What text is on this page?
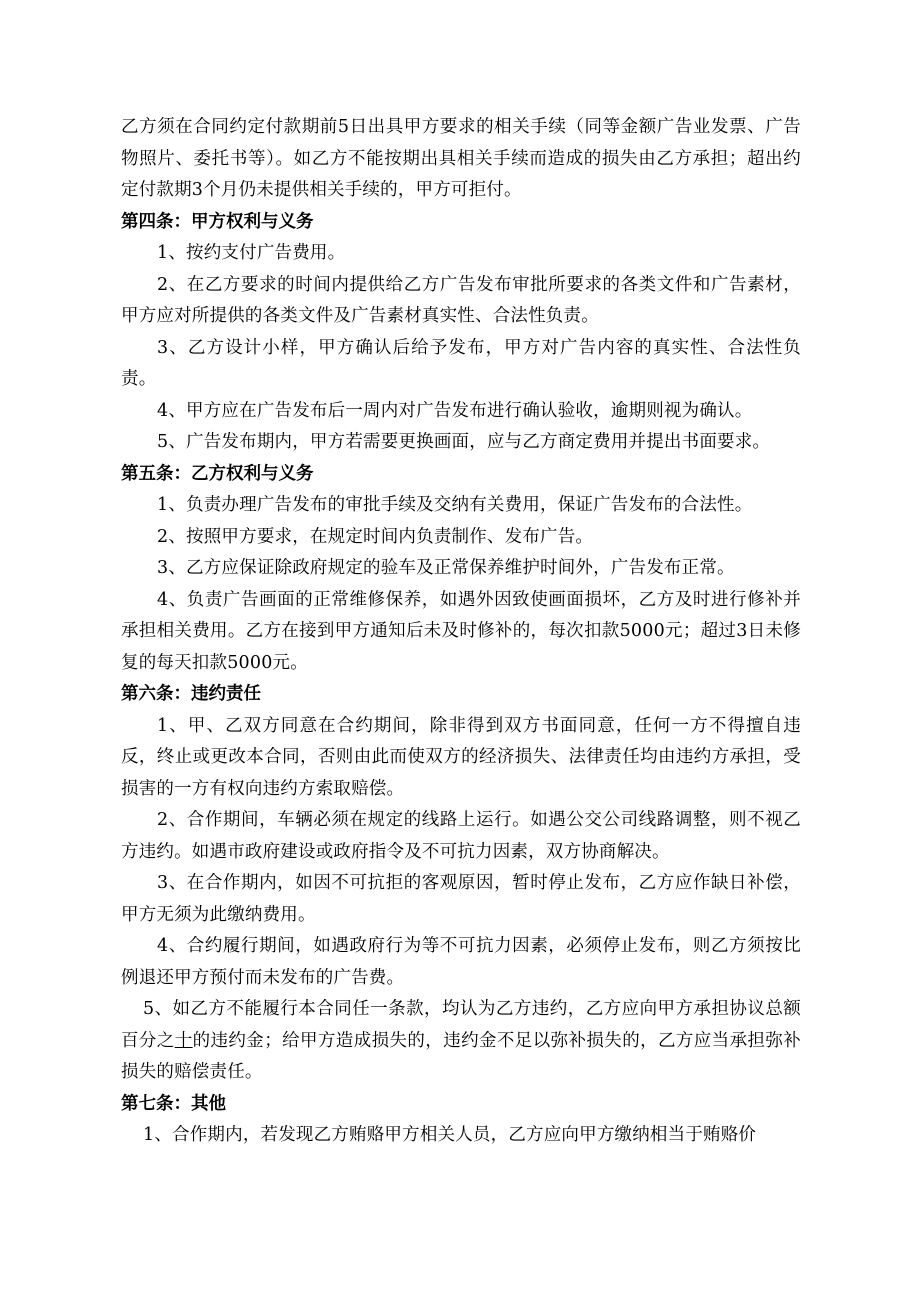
乙方须在合同约定付款期前5日出具甲方要求的相关手续（同等金额广告业发票、广告物照片、委托书等）。如乙方不能按期出具相关手续而造成的损失由乙方承担；超出约定付款期3个月仍未提供相关手续的，甲方可拒付。

第四条：甲方权利与义务

1、按约支付广告费用。

2、在乙方要求的时间内提供给乙方广告发布审批所要求的各类文件和广告素材，甲方应对所提供的各类文件及广告素材真实性、合法性负责。

3、乙方设计小样，甲方确认后给予发布，甲方对广告内容的真实性、合法性负责。

4、甲方应在广告发布后一周内对广告发布进行确认验收，逾期则视为确认。

5、广告发布期内，甲方若需要更换画面，应与乙方商定费用并提出书面要求。

第五条：乙方权利与义务

1、负责办理广告发布的审批手续及交纳有关费用，保证广告发布的合法性。

2、按照甲方要求，在规定时间内负责制作、发布广告。

3、乙方应保证除政府规定的验车及正常保养维护时间外，广告发布正常。

4、负责广告画面的正常维修保养，如遇外因致使画面损坏，乙方及时进行修补并承担相关费用。乙方在接到甲方通知后未及时修补的，每次扣款5000元；超过3日未修复的每天扣款5000元。

第六条：违约责任

1、甲、乙双方同意在合约期间，除非得到双方书面同意，任何一方不得擅自违反，终止或更改本合同，否则由此而使双方的经济损失、法律责任均由违约方承担，受损害的一方有权向违约方索取赔偿。

2、合作期间，车辆必须在规定的线路上运行。如遇公交公司线路调整，则不视乙方违约。如遇市政府建设或政府指令及不可抗力因素，双方协商解决。

3、在合作期内，如因不可抗拒的客观原因，暂时停止发布，乙方应作缺日补偿，甲方无须为此缴纳费用。

4、合约履行期间，如遇政府行为等不可抗力因素，必须停止发布，则乙方须按比例退还甲方预付而未发布的广告费。

5、如乙方不能履行本合同任一条款，均认为乙方违约，乙方应向甲方承担协议总额百分之十的违约金；给甲方造成损失的，违约金不足以弥补损失的，乙方应当承担弥补损失的赔偿责任。

第七条：其他

1、合作期内，若发现乙方贿赂甲方相关人员，乙方应向甲方缴纳相当于贿赂价
